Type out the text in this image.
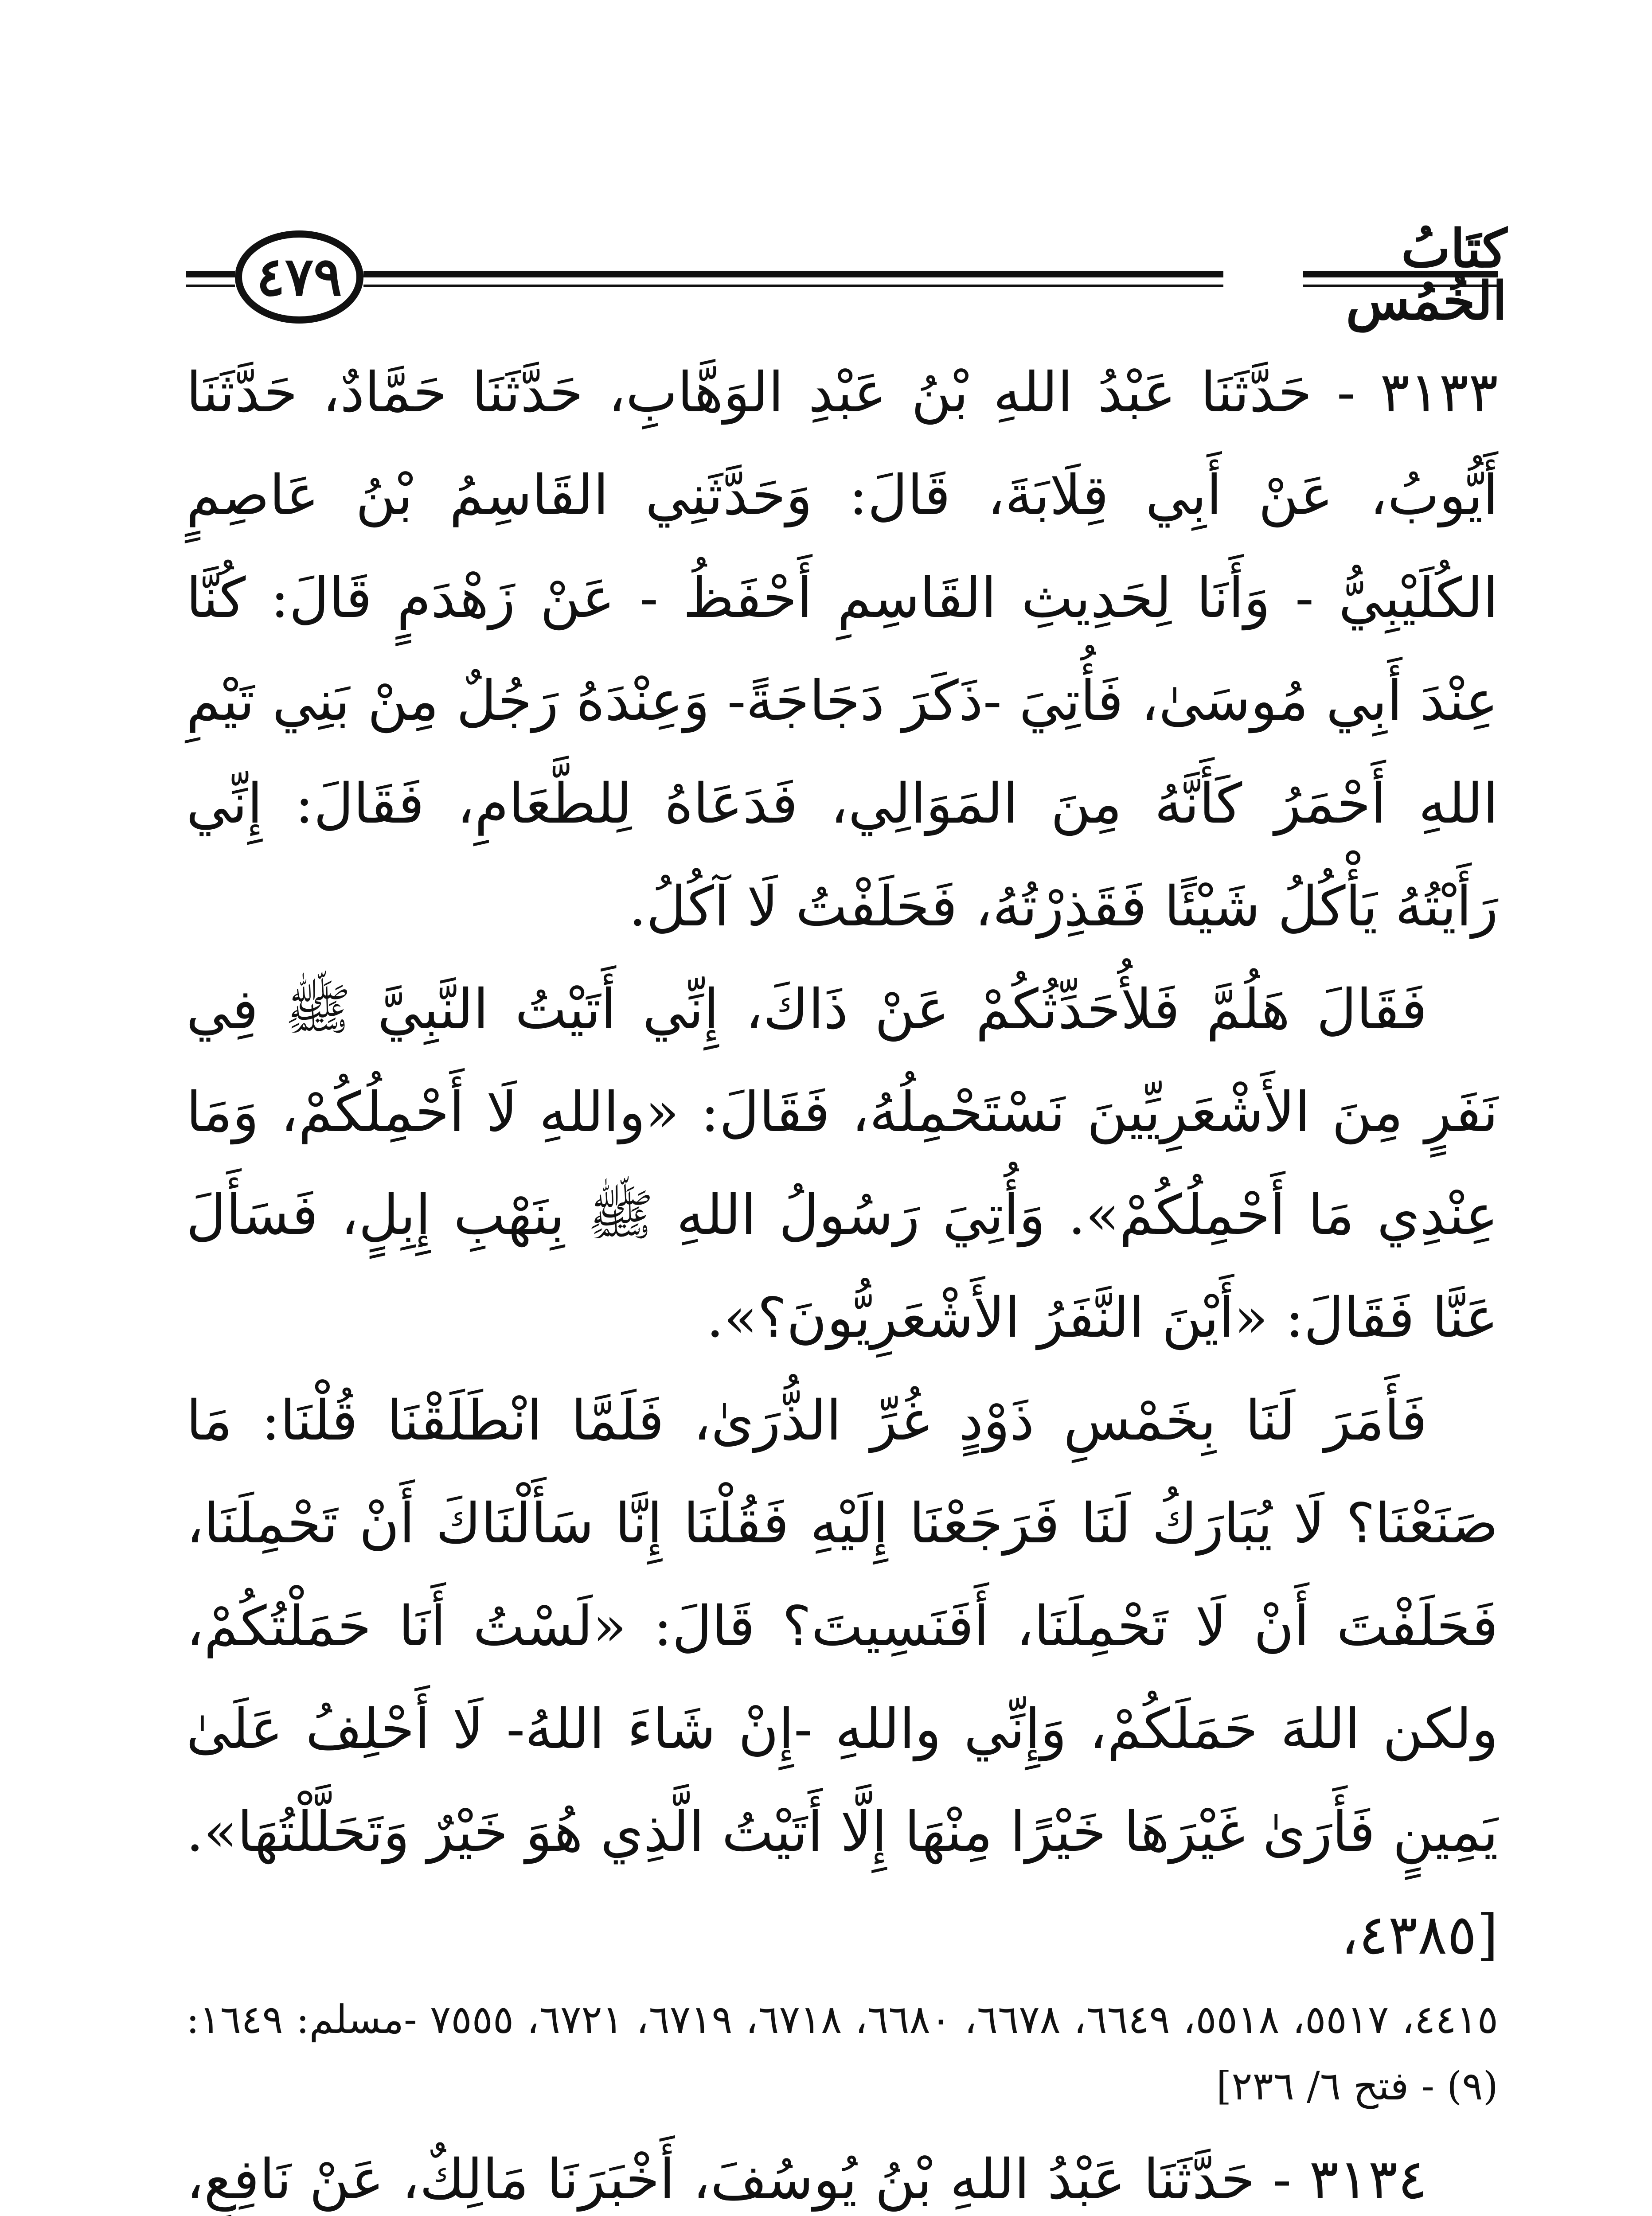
٤٧٩	كتَابُ الخُمُس

٣١٣٣ - حَدَّثَنَا عَبْدُ اللهِ بْنُ عَبْدِ الوَهَّابِ، حَدَّثَنَا حَمَّادٌ، حَدَّثَنَا أَيُّوبُ، عَنْ أَبِي قِلَابَةَ، قَالَ: وَحَدَّثَنِي القَاسِمُ بْنُ عَاصِمٍ الكُلَيْبِيُّ - وَأَنَا لِحَدِيثِ القَاسِمِ أَحْفَظُ - عَنْ زَهْدَمٍ قَالَ: كُنَّا عِنْدَ أَبِي مُوسَىٰ، فَأُتِيَ -ذَكَرَ دَجَاجَةً- وَعِنْدَهُ رَجُلٌ مِنْ بَنِي تَيْمِ اللهِ أَحْمَرُ كَأَنَّهُ مِنَ المَوَالِي، فَدَعَاهُ لِلطَّعَامِ، فَقَالَ: إِنِّي رَأَيْتُهُ يَأْكُلُ شَيْئًا فَقَذِرْتُهُ، فَحَلَفْتُ لَا آكُلُ.

فَقَالَ هَلُمَّ فَلأُحَدِّثُكُمْ عَنْ ذَاكَ، إِنِّي أَتَيْتُ النَّبِيَّ ﷺ فِي نَفَرٍ مِنَ الأَشْعَرِيِّينَ نَسْتَحْمِلُهُ، فَقَالَ: «واللهِ لَا أَحْمِلُكُمْ، وَمَا عِنْدِي مَا أَحْمِلُكُمْ». وَأُتِيَ رَسُولُ اللهِ ﷺ بِنَهْبِ إِبِلٍ، فَسَأَلَ عَنَّا فَقَالَ: «أَيْنَ النَّفَرُ الأَشْعَرِيُّونَ؟».

فَأَمَرَ لَنَا بِخَمْسِ ذَوْدٍ غُرِّ الذُّرَىٰ، فَلَمَّا انْطَلَقْنَا قُلْنَا: مَا صَنَعْنَا؟ لَا يُبَارَكُ لَنَا فَرَجَعْنَا إِلَيْهِ فَقُلْنَا إِنَّا سَأَلْنَاكَ أَنْ تَحْمِلَنَا، فَحَلَفْتَ أَنْ لَا تَحْمِلَنَا، أَفَنَسِيتَ؟ قَالَ: «لَسْتُ أَنَا حَمَلْتُكُمْ، ولكن اللهَ حَمَلَكُمْ، وَإِنِّي واللهِ -إِنْ شَاءَ اللهُ- لَا أَحْلِفُ عَلَىٰ يَمِينٍ فَأَرَىٰ غَيْرَهَا خَيْرًا مِنْهَا إِلَّا أَتَيْتُ الَّذِي هُوَ خَيْرٌ وَتَحَلَّلْتُهَا». [٤٣٨٥،

٤٤١٥، ٥٥١٧، ٥٥١٨، ٦٦٤٩، ٦٦٧٨، ٦٦٨٠، ٦٧١٨، ٦٧١٩، ٦٧٢١، ٧٥٥٥ -مسلم: ١٦٤٩: (٩) - فتح ٦/ ٢٣٦]

٣١٣٤ - حَدَّثَنَا عَبْدُ اللهِ بْنُ يُوسُفَ، أَخْبَرَنَا مَالِكٌ، عَنْ نَافِعٍ،
